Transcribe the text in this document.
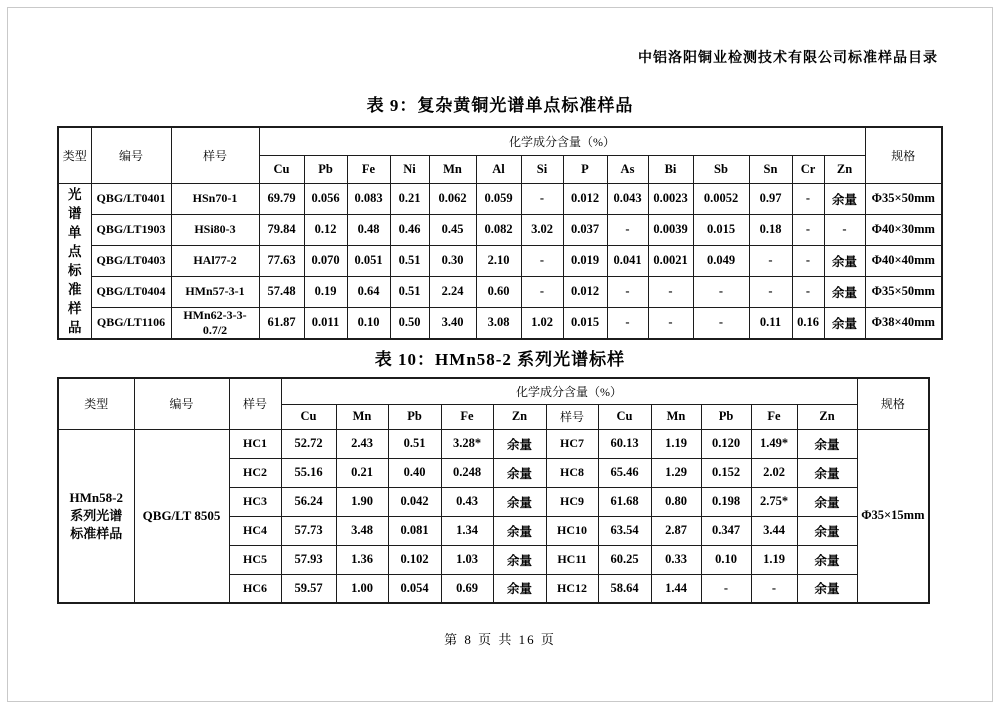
中铝洛阳铜业检测技术有限公司标准样品目录
表 9：复杂黄铜光谱单点标准样品
类型	编号	样号	化学成分含量（%）														规格
			Cu	Pb	Fe	Ni	Mn	Al	Si	P	As	Bi	Sb	Sn	Cr	Zn	

光谱单点标准样品	QBG/LT0401	HSn70-1	69.79	0.056	0.083	0.21	0.062	0.059	-	0.012	0.043	0.0023	0.0052	0.97	-	余量	Φ35×50mm
	QBG/LT1903	HSi80-3	79.84	0.12	0.48	0.46	0.45	0.082	3.02	0.037	-	0.0039	0.015	0.18	-	-	Φ40×30mm
	QBG/LT0403	HAl77-2	77.63	0.070	0.051	0.51	0.30	2.10	-	0.019	0.041	0.0021	0.049	-	-	余量	Φ40×40mm
	QBG/LT0404	HMn57-3-1	57.48	0.19	0.64	0.51	2.24	0.60	-	0.012	-	-	-	-	-	余量	Φ35×50mm
	QBG/LT1106	HMn62-3-3-0.7/2	61.87	0.011	0.10	0.50	3.40	3.08	1.02	0.015	-	-	-	0.11	0.16	余量	Φ38×40mm
表 10：HMn58-2 系列光谱标样
类型	编号	样号	化学成分含量（%）											规格
			Cu	Mn	Pb	Fe	Zn	样号	Cu	Mn	Pb	Fe	Zn	

HMn58-2
系列光谱
标准样品	QBG/LT 8505	HC1	52.72	2.43	0.51	3.28*	余量	HC7	60.13	1.19	0.120	1.49*	余量	Φ35×15mm
		HC2	55.16	0.21	0.40	0.248	余量	HC8	65.46	1.29	0.152	2.02	余量	
		HC3	56.24	1.90	0.042	0.43	余量	HC9	61.68	0.80	0.198	2.75*	余量	
		HC4	57.73	3.48	0.081	1.34	余量	HC10	63.54	2.87	0.347	3.44	余量	
		HC5	57.93	1.36	0.102	1.03	余量	HC11	60.25	0.33	0.10	1.19	余量	
		HC6	59.57	1.00	0.054	0.69	余量	HC12	58.64	1.44	-	-	余量	
第 8 页 共 16 页
